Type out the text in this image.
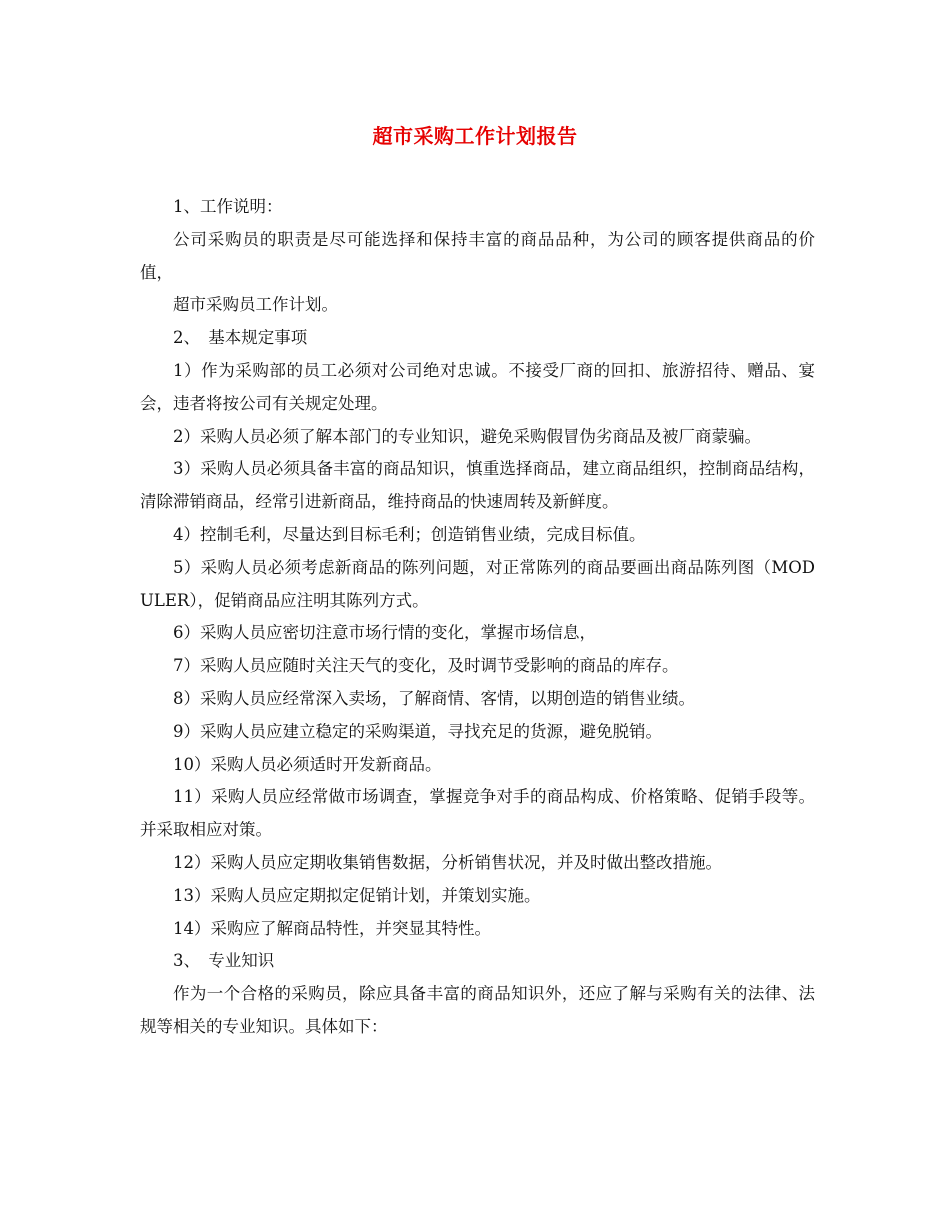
超市采购工作计划报告

1、工作说明：

公司采购员的职责是尽可能选择和保持丰富的商品品种，为公司的顾客提供商品的价值，

超市采购员工作计划。

2、　基本规定事项

1）作为采购部的员工必须对公司绝对忠诚。不接受厂商的回扣、旅游招待、赠品、宴会，违者将按公司有关规定处理。

2）采购人员必须了解本部门的专业知识，避免采购假冒伪劣商品及被厂商蒙骗。

3）采购人员必须具备丰富的商品知识，慎重选择商品，建立商品组织，控制商品结构，清除滞销商品，经常引进新商品，维持商品的快速周转及新鲜度。

4）控制毛利，尽量达到目标毛利；创造销售业绩，完成目标值。

5）采购人员必须考虑新商品的陈列问题，对正常陈列的商品要画出商品陈列图（MODULER），促销商品应注明其陈列方式。

6）采购人员应密切注意市场行情的变化，掌握市场信息，

7）采购人员应随时关注天气的变化，及时调节受影响的商品的库存。

8）采购人员应经常深入卖场，了解商情、客情，以期创造的销售业绩。

9）采购人员应建立稳定的采购渠道，寻找充足的货源，避免脱销。

10）采购人员必须适时开发新商品。

11）采购人员应经常做市场调查，掌握竞争对手的商品构成、价格策略、促销手段等。并采取相应对策。

12）采购人员应定期收集销售数据，分析销售状况，并及时做出整改措施。

13）采购人员应定期拟定促销计划，并策划实施。

14）采购应了解商品特性，并突显其特性。

3、　专业知识

作为一个合格的采购员，除应具备丰富的商品知识外，还应了解与采购有关的法律、法规等相关的专业知识。具体如下：
